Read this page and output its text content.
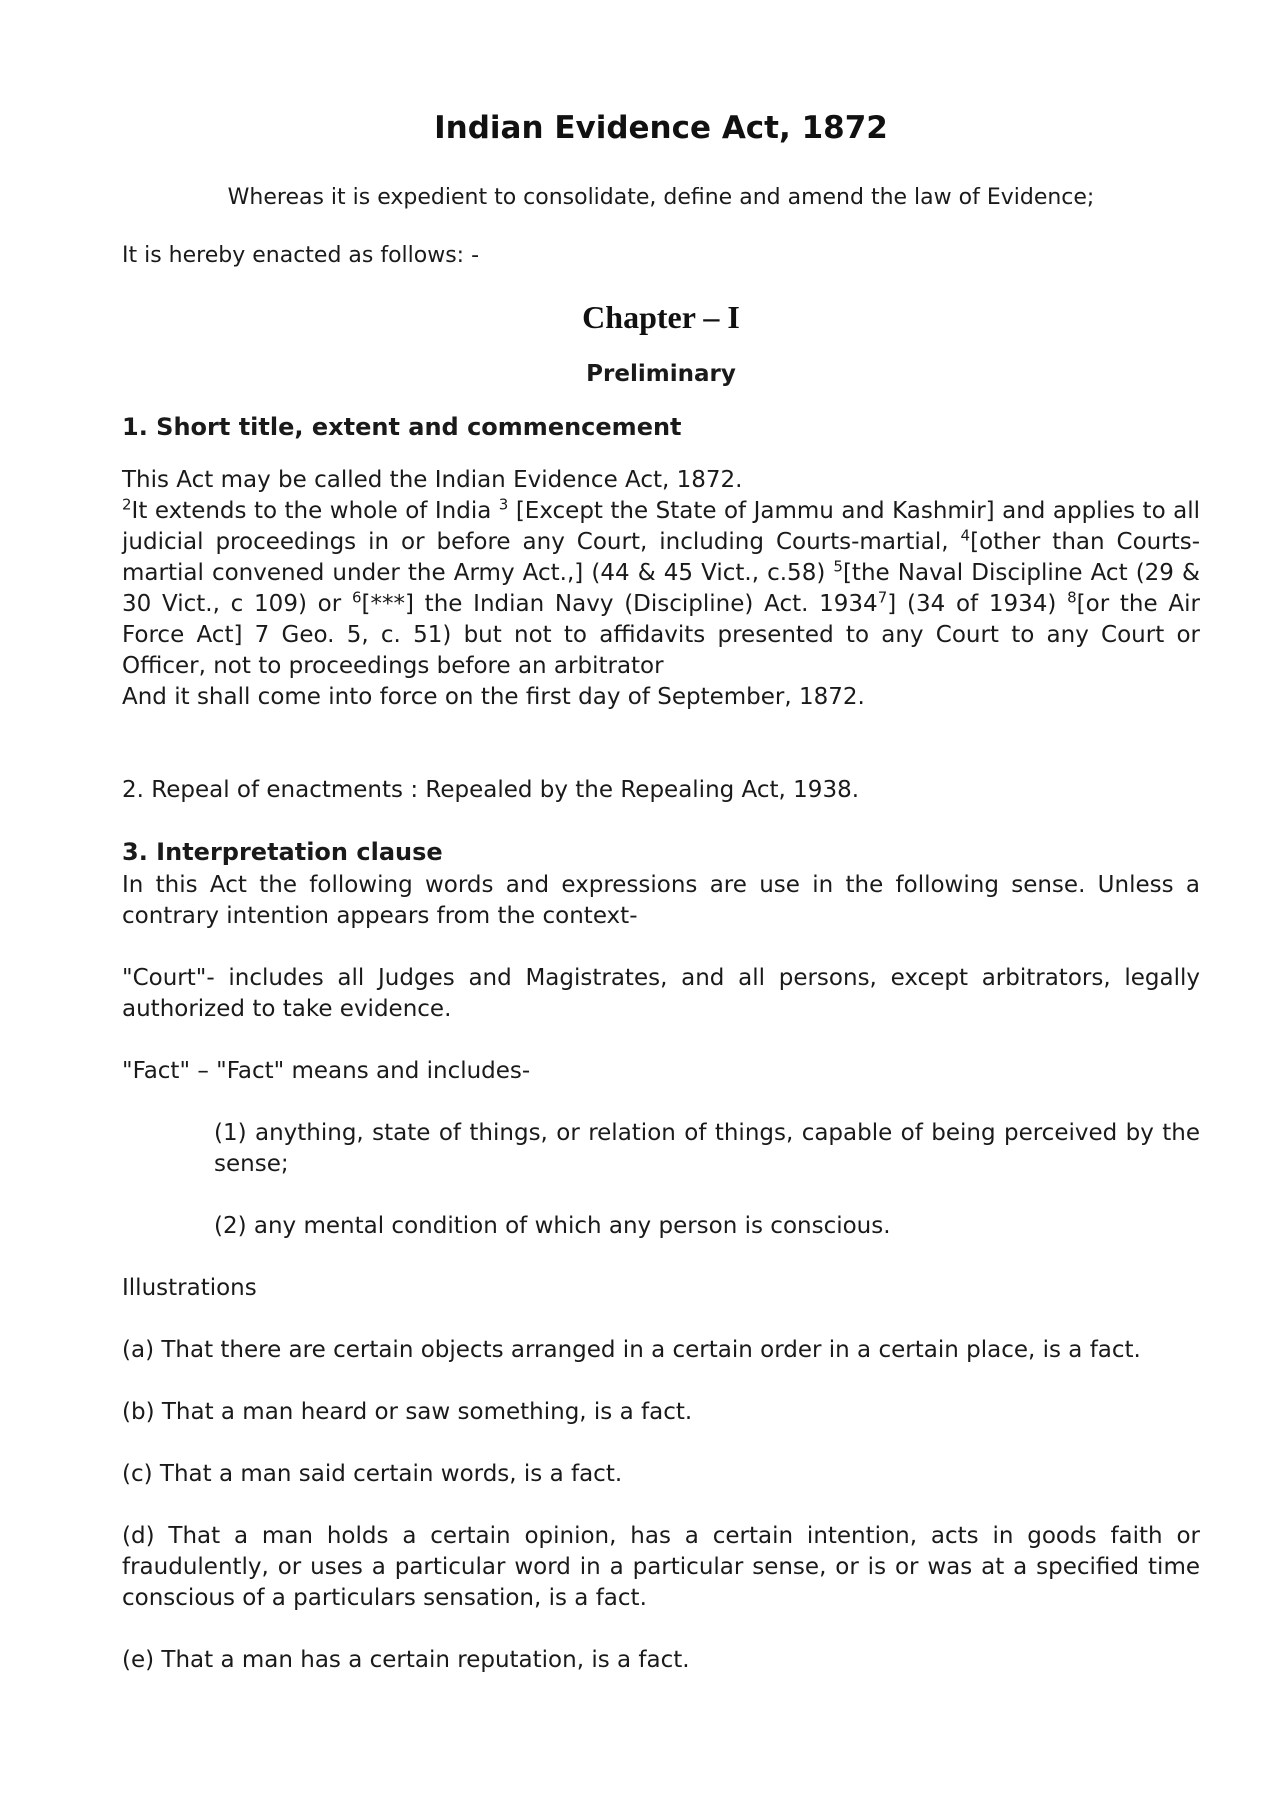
Indian Evidence Act, 1872

Whereas it is expedient to consolidate, define and amend the law of Evidence;

It is hereby enacted as follows: -

Chapter – I
Preliminary
1. Short title, extent and commencement

This Act may be called the Indian Evidence Act, 1872.

$^2$It extends to the whole of India $^3$ [Except the State of Jammu and Kashmir] and applies to all judicial proceedings in or before any Court, including Courts-martial, $^4$[other than Courts-martial convened under the Army Act.,] (44 & 45 Vict., c.58) $^5$[the Naval Discipline Act (29 & 30 Vict., c 109) or $^6$[***] the Indian Navy (Discipline) Act. 1934$^7$] (34 of 1934) $^8$[or the Air Force Act] 7 Geo. 5, c. 51) but not to affidavits presented to any Court to any Court or Officer, not to proceedings before an arbitrator

And it shall come into force on the first day of September, 1872.

2. Repeal of enactments : Repealed by the Repealing Act, 1938.

3. Interpretation clause

In this Act the following words and expressions are use in the following sense. Unless a contrary intention appears from the context-

"Court"- includes all Judges and Magistrates, and all persons, except arbitrators, legally authorized to take evidence.

"Fact" – "Fact" means and includes-

(1) anything, state of things, or relation of things, capable of being perceived by the sense;

(2) any mental condition of which any person is conscious.

Illustrations

(a) That there are certain objects arranged in a certain order in a certain place, is a fact.

(b) That a man heard or saw something, is a fact.

(c) That a man said certain words, is a fact.

(d) That a man holds a certain opinion, has a certain intention, acts in goods faith or fraudulently, or uses a particular word in a particular sense, or is or was at a specified time conscious of a particulars sensation, is a fact.

(e) That a man has a certain reputation, is a fact.
